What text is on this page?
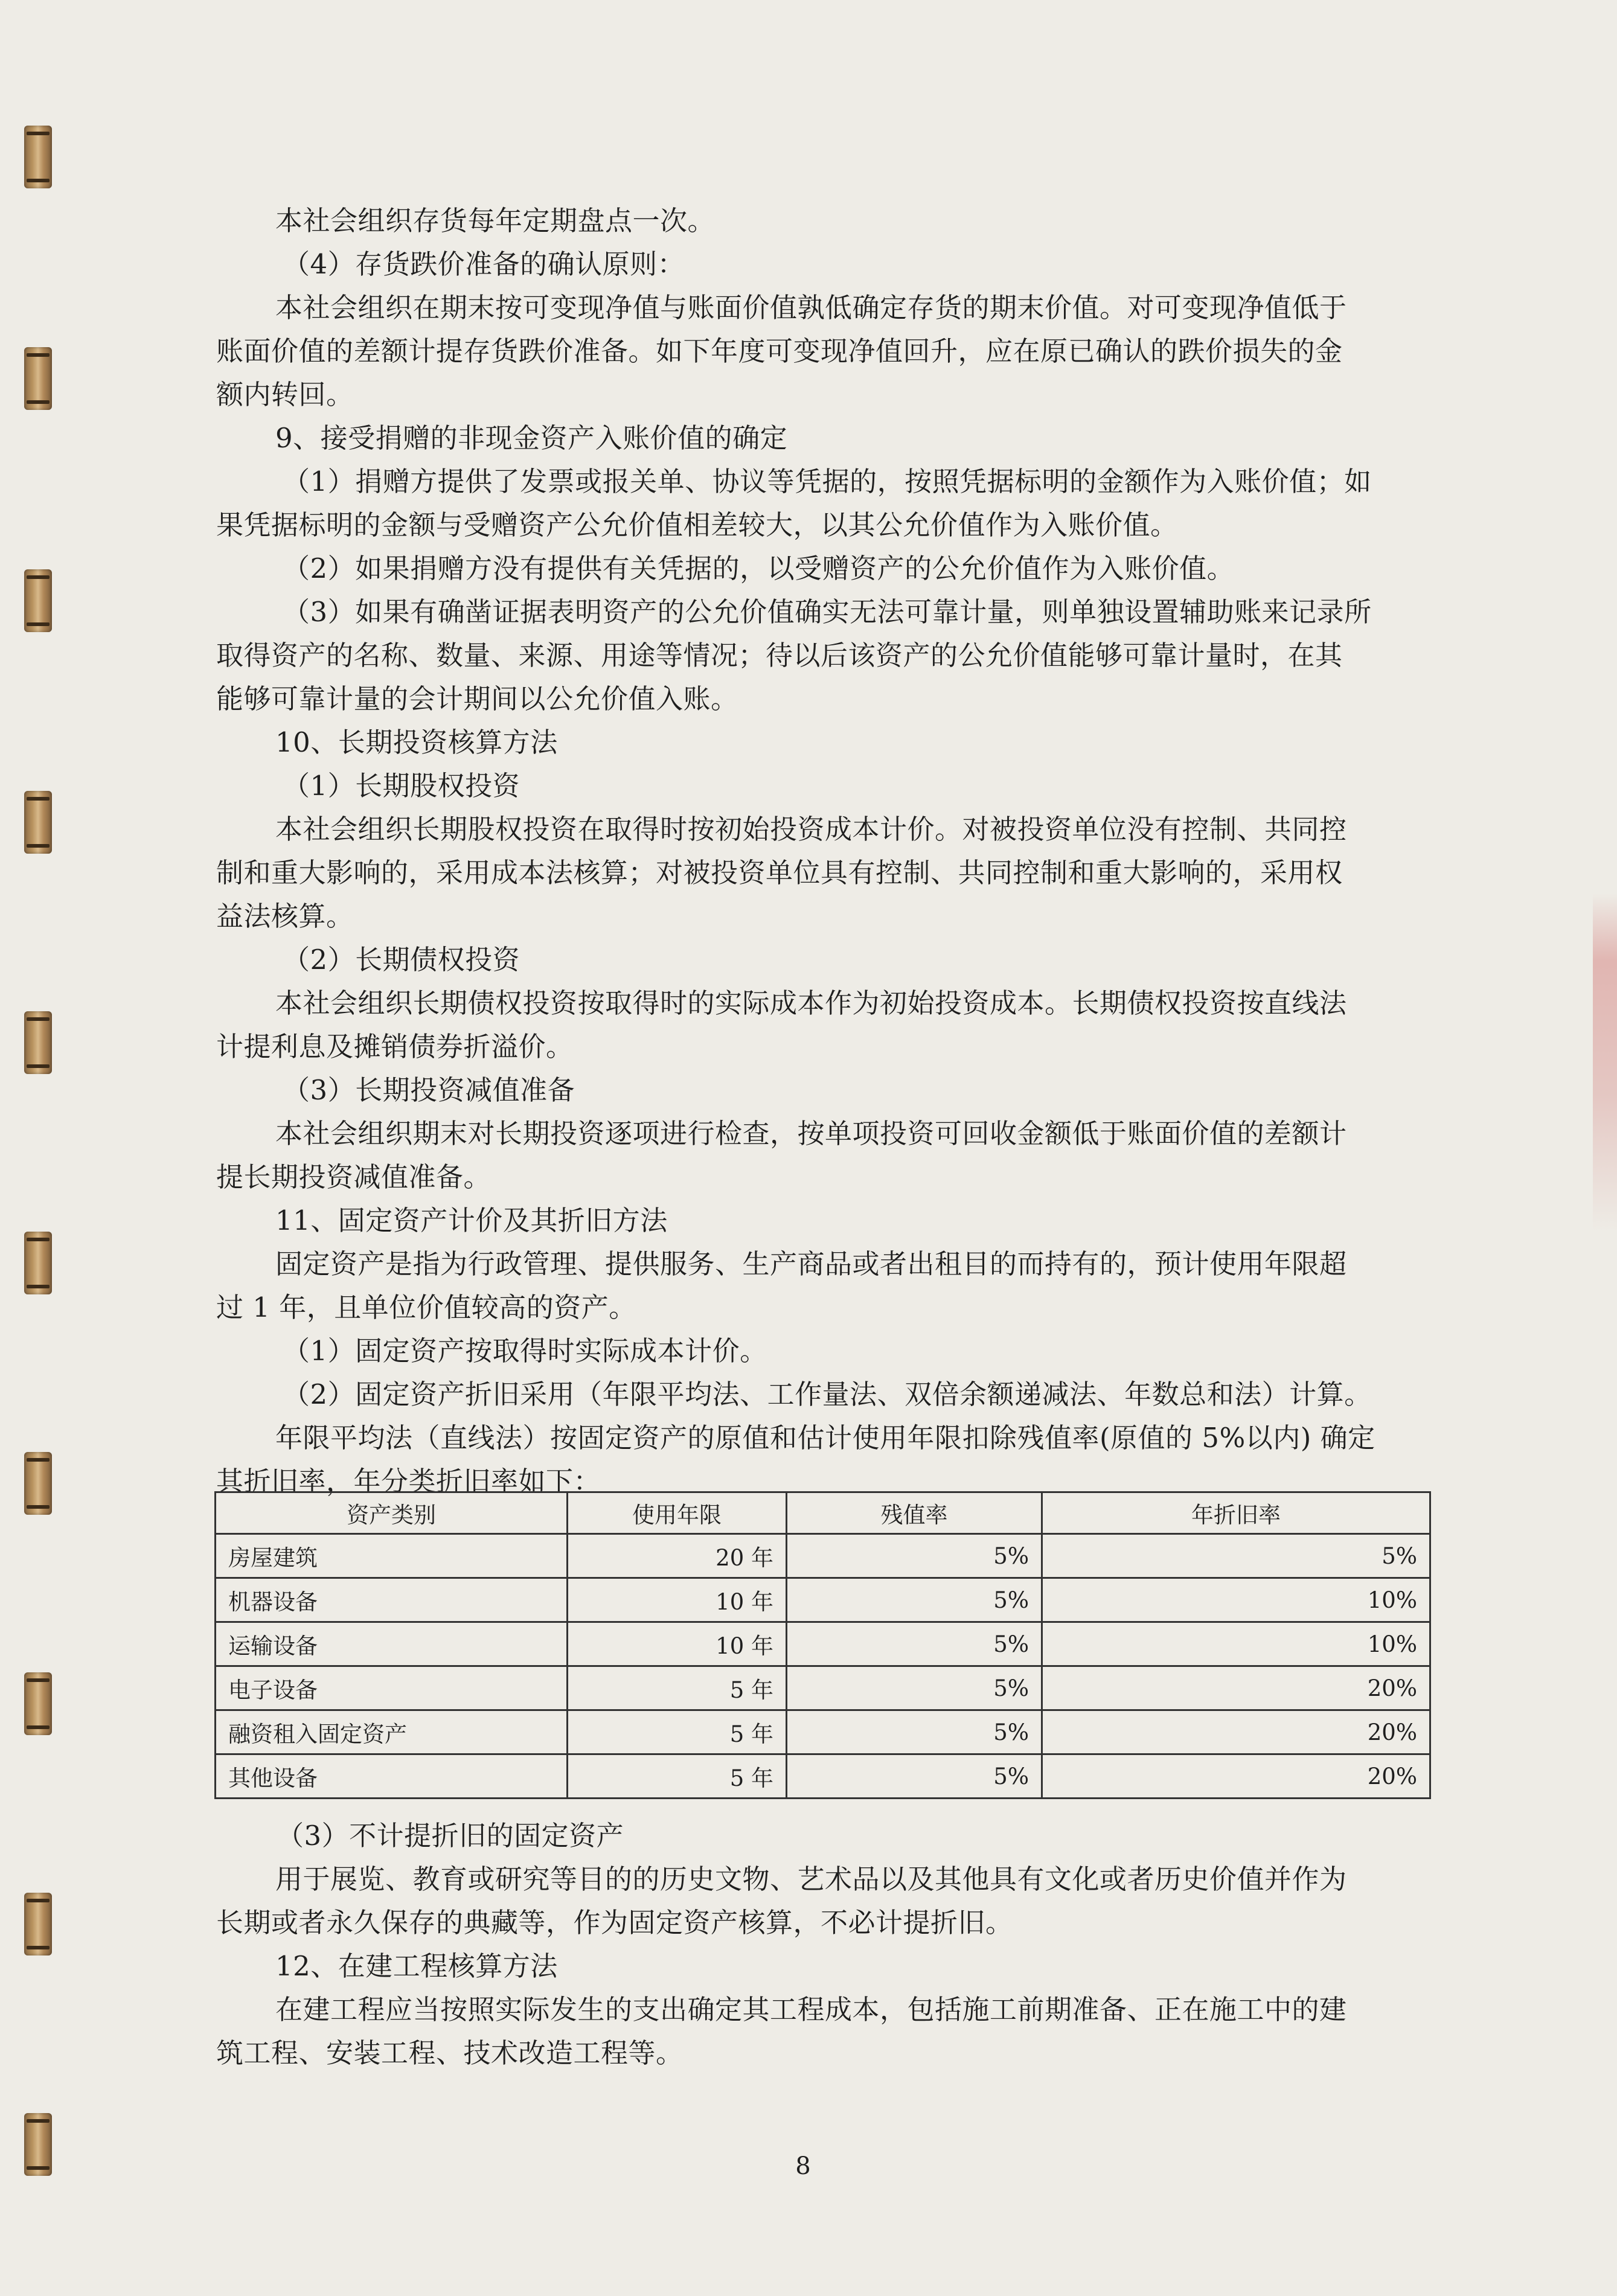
本社会组织存货每年定期盘点一次。
（4）存货跌价准备的确认原则：
本社会组织在期末按可变现净值与账面价值孰低确定存货的期末价值。对可变现净值低于
账面价值的差额计提存货跌价准备。如下年度可变现净值回升，应在原已确认的跌价损失的金
额内转回。
9、接受捐赠的非现金资产入账价值的确定
（1）捐赠方提供了发票或报关单、协议等凭据的，按照凭据标明的金额作为入账价值；如
果凭据标明的金额与受赠资产公允价值相差较大，以其公允价值作为入账价值。
（2）如果捐赠方没有提供有关凭据的，以受赠资产的公允价值作为入账价值。
（3）如果有确凿证据表明资产的公允价值确实无法可靠计量，则单独设置辅助账来记录所
取得资产的名称、数量、来源、用途等情况；待以后该资产的公允价值能够可靠计量时，在其
能够可靠计量的会计期间以公允价值入账。
10、长期投资核算方法
（1）长期股权投资
本社会组织长期股权投资在取得时按初始投资成本计价。对被投资单位没有控制、共同控
制和重大影响的，采用成本法核算；对被投资单位具有控制、共同控制和重大影响的，采用权
益法核算。
（2）长期债权投资
本社会组织长期债权投资按取得时的实际成本作为初始投资成本。长期债权投资按直线法
计提利息及摊销债券折溢价。
（3）长期投资减值准备
本社会组织期末对长期投资逐项进行检查，按单项投资可回收金额低于账面价值的差额计
提长期投资减值准备。
11、固定资产计价及其折旧方法
固定资产是指为行政管理、提供服务、生产商品或者出租目的而持有的，预计使用年限超
过 1 年，且单位价值较高的资产。
（1）固定资产按取得时实际成本计价。
（2）固定资产折旧采用（年限平均法、工作量法、双倍余额递减法、年数总和法）计算。
年限平均法（直线法）按固定资产的原值和估计使用年限扣除残值率(原值的 5%以内) 确定
其折旧率，年分类折旧率如下：
资产类别	使用年限	残值率	年折旧率
房屋建筑	20 年	5%	5%
机器设备	10 年	5%	10%
运输设备	10 年	5%	10%
电子设备	5 年	5%	20%
融资租入固定资产	5 年	5%	20%
其他设备	5 年	5%	20%
（3）不计提折旧的固定资产
用于展览、教育或研究等目的的历史文物、艺术品以及其他具有文化或者历史价值并作为
长期或者永久保存的典藏等，作为固定资产核算，不必计提折旧。
12、在建工程核算方法
在建工程应当按照实际发生的支出确定其工程成本，包括施工前期准备、正在施工中的建
筑工程、安装工程、技术改造工程等。
8
